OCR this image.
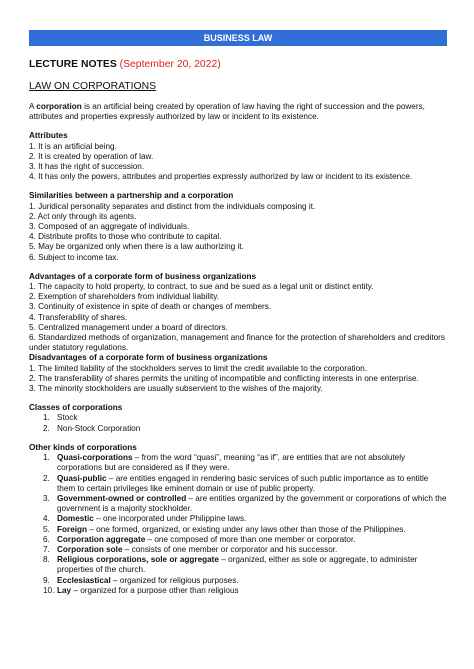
BUSINESS LAW
LECTURE NOTES (September 20, 2022)
LAW ON CORPORATIONS
A corporation is an artificial being created by operation of law having the right of succession and the powers, attributes and properties expressly authorized by law or incident to its existence.
Attributes
1. It is an artificial being.
2. It is created by operation of law.
3. It has the right of succession.
4. It has only the powers, attributes and properties expressly authorized by law or incident to its existence.
Similarities between a partnership and a corporation
1. Juridical personality separates and distinct from the individuals composing it.
2. Act only through its agents.
3. Composed of an aggregate of individuals.
4. Distribute profits to those who contribute to capital.
5. May be organized only when there is a law authorizing it.
6. Subject to income tax.
Advantages of a corporate form of business organizations
1. The capacity to hold property, to contract, to sue and be sued as a legal unit or distinct entity.
2. Exemption of shareholders from individual liability.
3. Continuity of existence in spite of death or changes of members.
4. Transferability of shares.
5. Centralized management under a board of directors.
6. Standardized methods of organization, management and finance for the protection of shareholders and creditors under statutory regulations.
Disadvantages of a corporate form of business organizations
1. The limited liability of the stockholders serves to limit the credit available to the corporation.
2. The transferability of shares permits the uniting of incompatible and conflicting interests in one enterprise.
3. The minority stockholders are usually subservient to the wishes of the majority.
Classes of corporations
1. Stock
2. Non-Stock Corporation
Other kinds of corporations
1. Quasi-corporations – from the word “quasi”, meaning “as if”, are entities that are not absolutely corporations but are considered as if they were.
2. Quasi-public – are entities engaged in rendering basic services of such public importance as to entitle them to certain privileges like eminent domain or use of public property.
3. Government-owned or controlled – are entities organized by the government or corporations of which the government is a majority stockholder.
4. Domestic – one incorporated under Philippine laws.
5. Foreign – one formed, organized, or existing under any laws other than those of the Philippines.
6. Corporation aggregate – one composed of more than one member or corporator.
7. Corporation sole – consists of one member or corporator and his successor.
8. Religious corporations, sole or aggregate – organized, either as sole or aggregate, to administer properties of the church.
9. Ecclesiastical – organized for religious purposes.
10. Lay – organized for a purpose other than religious
